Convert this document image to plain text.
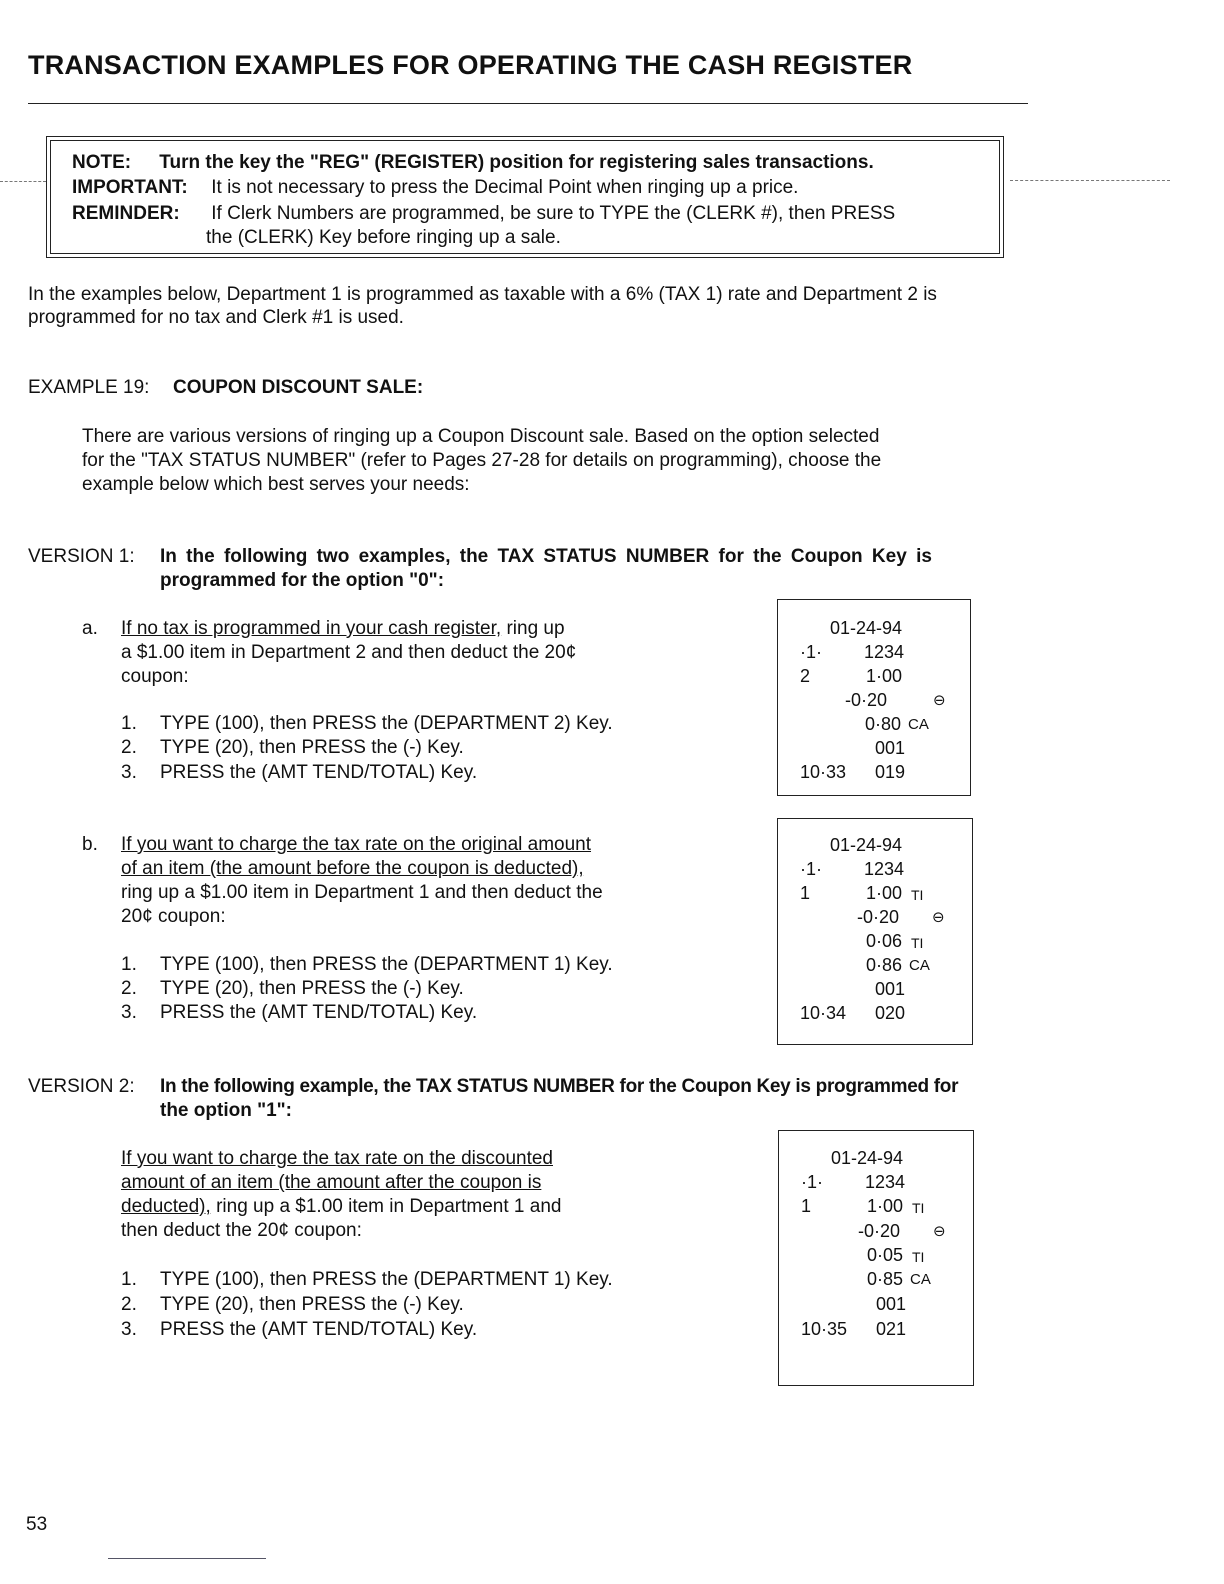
TRANSACTION EXAMPLES FOR OPERATING THE CASH REGISTER
NOTE: Turn the key the "REG" (REGISTER) position for registering sales transactions.
IMPORTANT: It is not necessary to press the Decimal Point when ringing up a price.
REMINDER: If Clerk Numbers are programmed, be sure to TYPE the (CLERK #), then PRESS
the (CLERK) Key before ringing up a sale.
In the examples below, Department 1 is programmed as taxable with a 6% (TAX 1) rate and Department 2 is
programmed for no tax and Clerk #1 is used.
EXAMPLE 19: COUPON DISCOUNT SALE:
There are various versions of ringing up a Coupon Discount sale. Based on the option selected
for the "TAX STATUS NUMBER" (refer to Pages 27-28 for details on programming), choose the
example below which best serves your needs:
VERSION 1: In the following two examples, the TAX STATUS NUMBER for the Coupon Key is
programmed for the option "0":
a. If no tax is programmed in your cash register, ring up
a $1.00 item in Department 2 and then deduct the 20¢
coupon:
1. TYPE (100), then PRESS the (DEPARTMENT 2) Key.
2. TYPE (20), then PRESS the (-) Key.
3. PRESS the (AMT TEND/TOTAL) Key.
01-24-94
·1· 1234
2	1·00
-0·20	⊖
0·80 CA
001
10·33 019
b. If you want to charge the tax rate on the original amount
of an item (the amount before the coupon is deducted),
ring up a $1.00 item in Department 1 and then deduct the
20¢ coupon:
1. TYPE (100), then PRESS the (DEPARTMENT 1) Key.
2. TYPE (20), then PRESS the (-) Key.
3. PRESS the (AMT TEND/TOTAL) Key.
01-24-94
·1· 1234
1	1·00 TI
-0·20 ⊖
0·06 TI
0·86 CA
001
10·34 020
VERSION 2: In the following example, the TAX STATUS NUMBER for the Coupon Key is programmed for
the option "1":
If you want to charge the tax rate on the discounted
amount of an item (the amount after the coupon is
deducted), ring up a $1.00 item in Department 1 and
then deduct the 20¢ coupon:
1. TYPE (100), then PRESS the (DEPARTMENT 1) Key.
2. TYPE (20), then PRESS the (-) Key.
3. PRESS the (AMT TEND/TOTAL) Key.
01-24-94
·1· 1234
1	1·00 TI
-0·20 ⊖
0·05 TI
0·85 CA
001
10·35 021
53
